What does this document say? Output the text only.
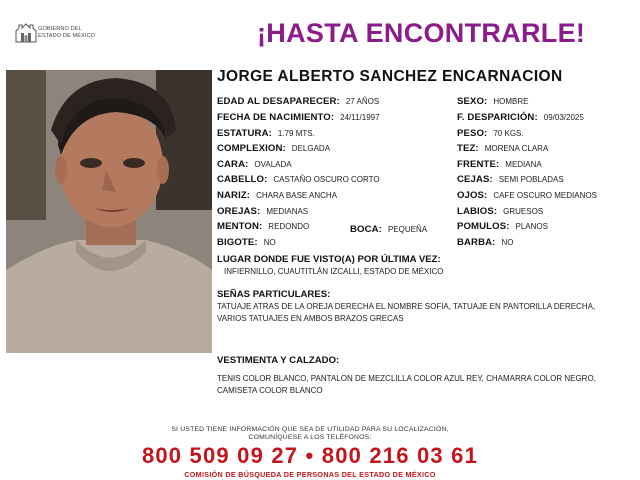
GOBIERNO DEL
ESTADO DE MÉXICO	¡HASTA ENCONTRARLE!
JORGE ALBERTO SANCHEZ ENCARNACION
EDAD AL DESAPARECER: 27 AÑOS
FECHA DE NACIMIENTO: 24/11/1997
ESTATURA: 1.79 MTS.
COMPLEXION: DELGADA
CARA: OVALADA
CABELLO: CASTAÑO OSCURO CORTO
NARIZ: CHARA BASE ANCHA
OREJAS: MEDIANAS
MENTON: REDONDO	BOCA: PEQUEÑA
BIGOTE: NO
SEXO: HOMBRE
F. DESPARICIÓN: 09/03/2025
PESO: 70 KGS.
TEZ: MORENA CLARA
FRENTE: MEDIANA
CEJAS: SEMI POBLADAS
OJOS: CAFE OSCURO MEDIANOS
LABIOS: GRUESOS
POMULOS: PLANOS
BARBA: NO
LUGAR DONDE FUE VISTO(A) POR ÚLTIMA VEZ:
INFIERNILLO, CUAUTITLÁN IZCALLI, ESTADO DE MÉXICO
SEÑAS PARTICULARES:
TATUAJE ATRAS DE LA OREJA DERECHA EL NOMBRE SOFIA, TATUAJE EN PANTORILLA DERECHA, VARIOS TATUAJES EN AMBOS BRAZOS GRECAS
VESTIMENTA Y CALZADO:
TENIS COLOR BLANCO, PANTALON DE MEZCLILLA COLOR AZUL REY, CHAMARRA COLOR NEGRO, CAMISETA COLOR BLANCO
SI USTED TIENE INFORMACIÓN QUE SEA DE UTILIDAD PARA SU LOCALIZACIÓN,
COMUNÍQUESE A LOS TELÉFONOS:
800 509 09 27 • 800 216 03 61
COMISIÓN DE BÚSQUEDA DE PERSONAS DEL ESTADO DE MÉXICO
